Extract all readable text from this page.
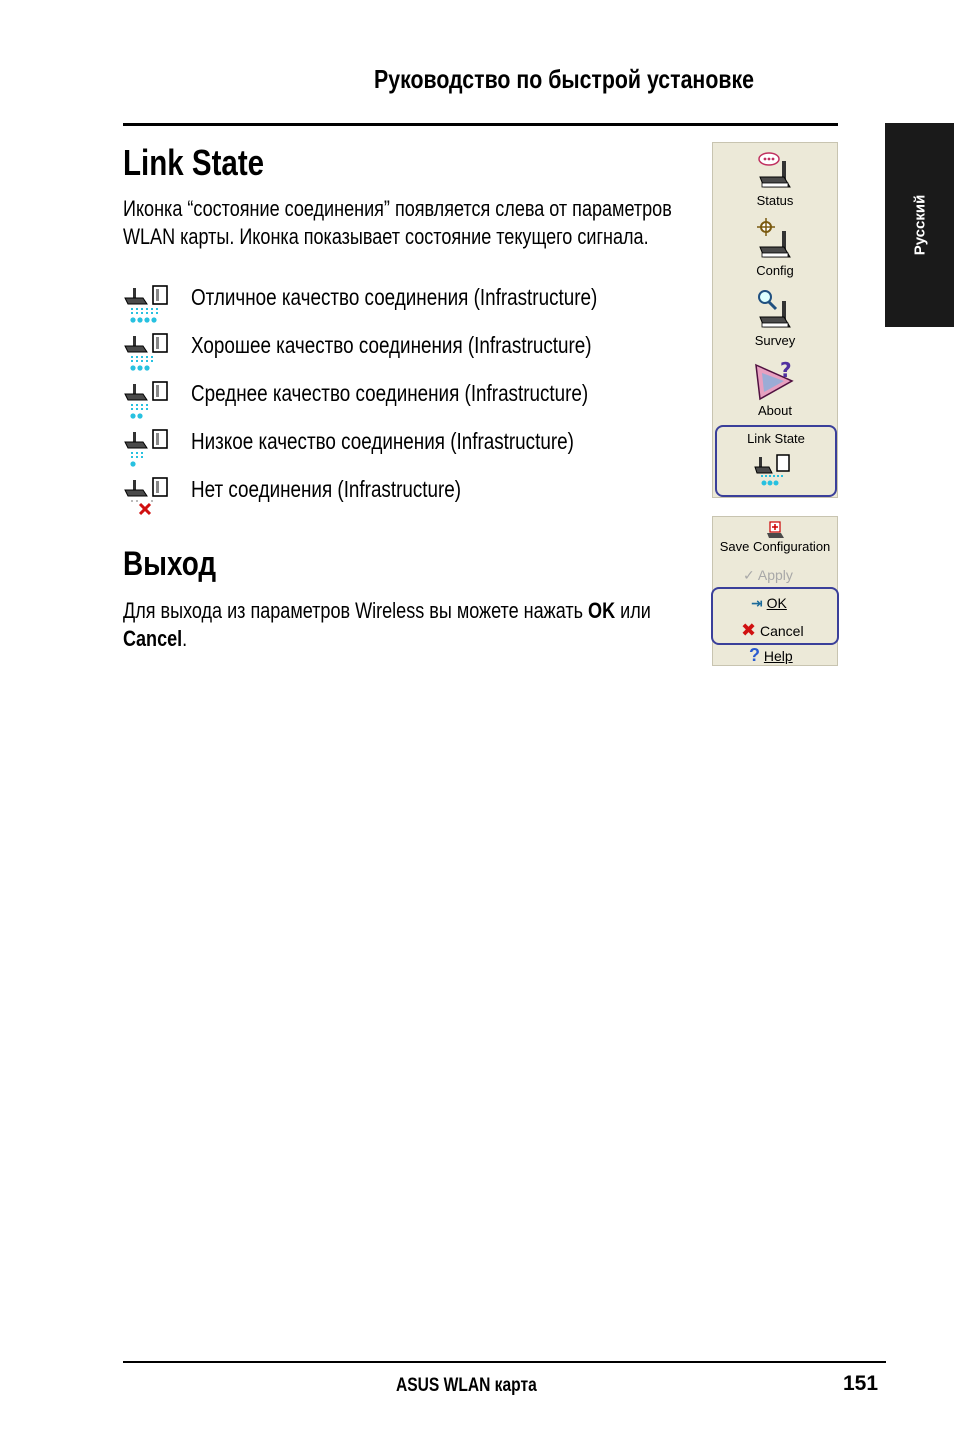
Руководство по быстрой установке
Русский
Link State
Иконка “состояние соединения” появляется слева от параметров WLAN карты. Иконка показывает состояние текущего сигнала.
Отличное качество соединения (Infrastructure)
Хорошее качество соединения (Infrastructure)
Среднее качество соединения (Infrastructure)
Низкое качество соединения (Infrastructure)
Нет соединения (Infrastructure)
Выход
Для выхода из параметров Wireless вы можете нажать OK или Cancel.
Status
Config
Survey
?
About
Link State
Save Configuration
✓ Apply
⇥ OK
✖ Cancel
? Help
ASUS WLAN карта	151
